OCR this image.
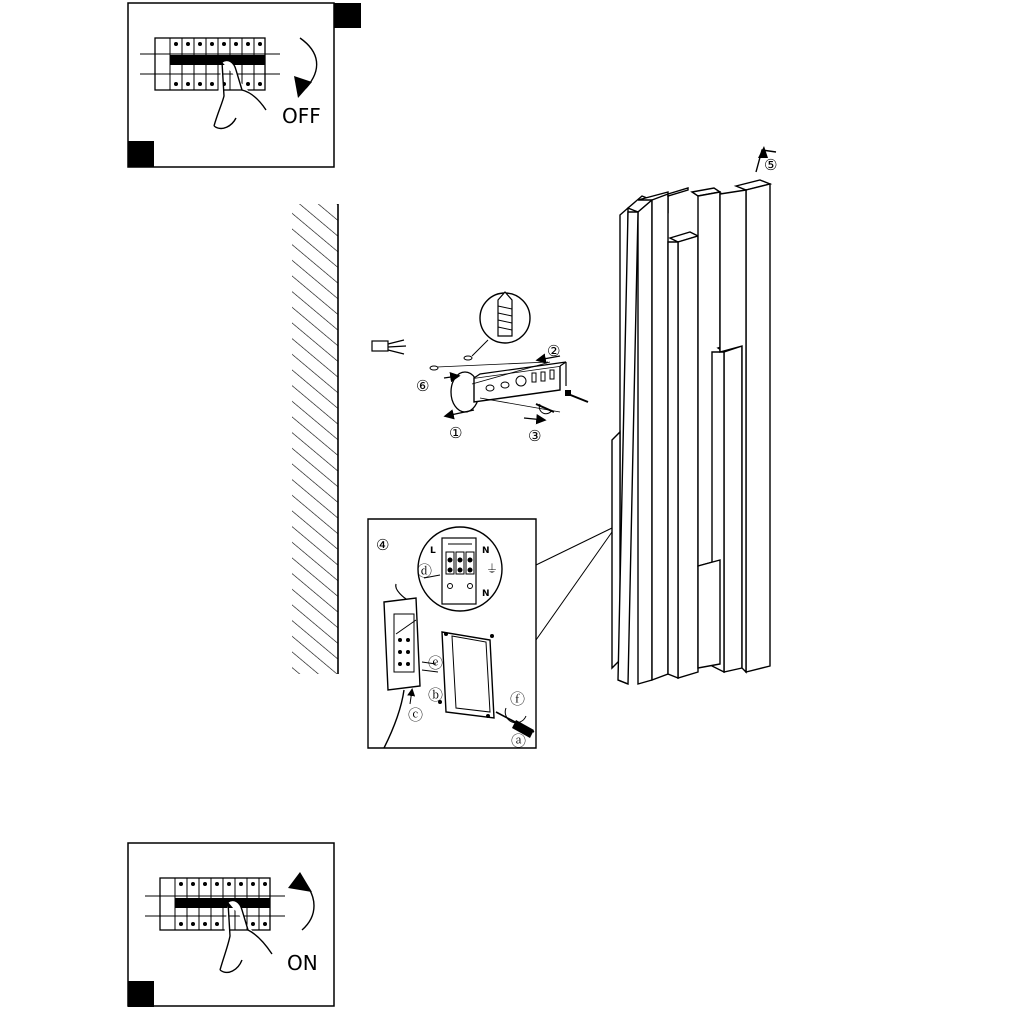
OFF
ON
⑥
①
②
③
⑤
④	L	N
N
⏚
ⓓ
ⓔ
ⓑ
ⓒ
ⓕ
ⓐ
